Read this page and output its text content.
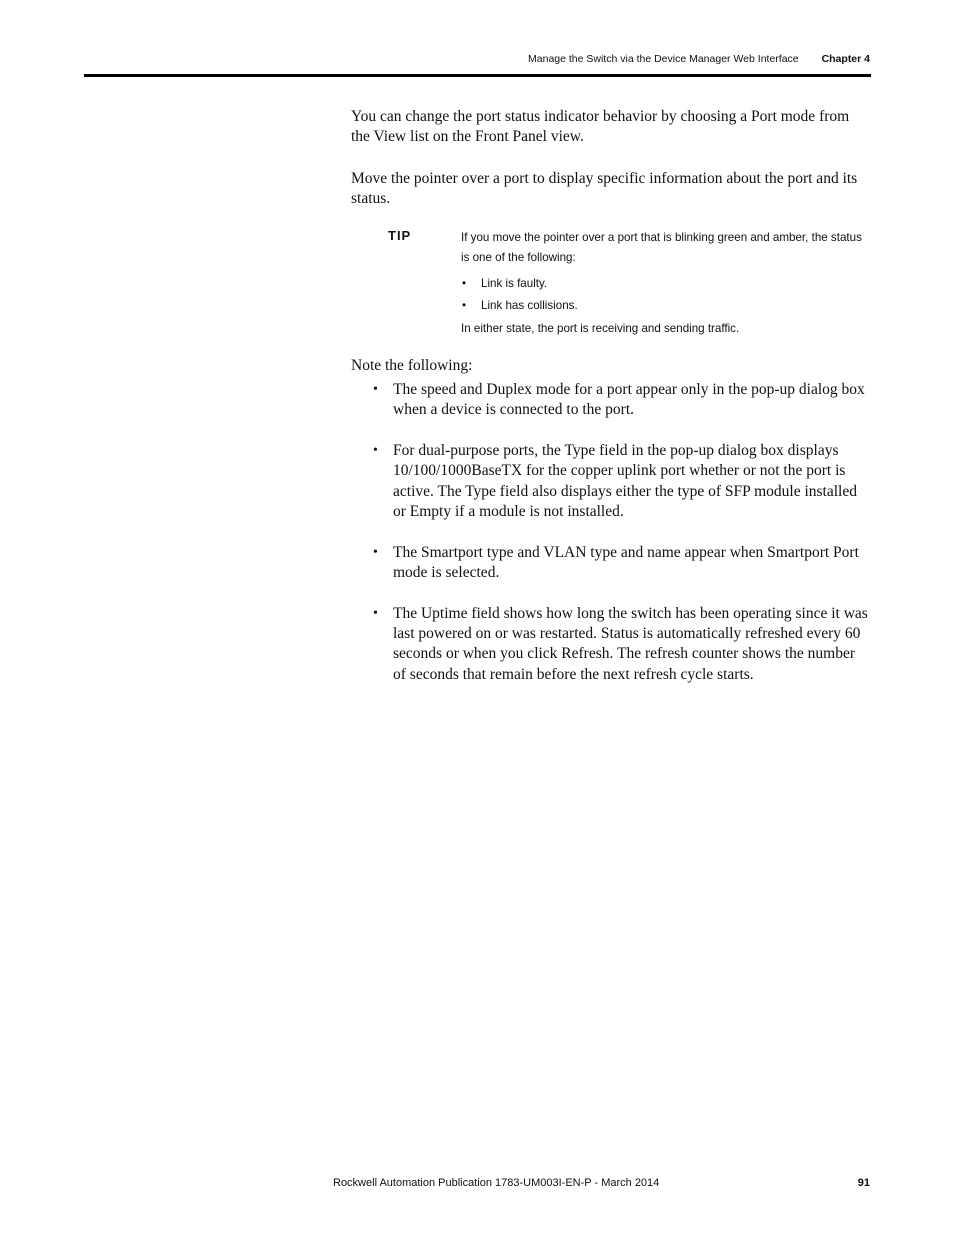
Manage the Switch via the Device Manager Web Interface Chapter 4

You can change the port status indicator behavior by choosing a Port mode from the View list on the Front Panel view.

Move the pointer over a port to display specific information about the port and its status.

TIP	If you move the pointer over a port that is blinking green and amber, the status is one of the following:

• Link is faulty.
• Link has collisions.

In either state, the port is receiving and sending traffic.

Note the following:

• The speed and Duplex mode for a port appear only in the pop-up dialog box when a device is connected to the port.
• For dual-purpose ports, the Type field in the pop-up dialog box displays 10/100/1000BaseTX for the copper uplink port whether or not the port is active. The Type field also displays either the type of SFP module installed or Empty if a module is not installed.
• The Smartport type and VLAN type and name appear when Smartport Port mode is selected.
• The Uptime field shows how long the switch has been operating since it was last powered on or was restarted. Status is automatically refreshed every 60 seconds or when you click Refresh. The refresh counter shows the number of seconds that remain before the next refresh cycle starts.
Rockwell Automation Publication 1783-UM003I-EN-P - March 2014	91
